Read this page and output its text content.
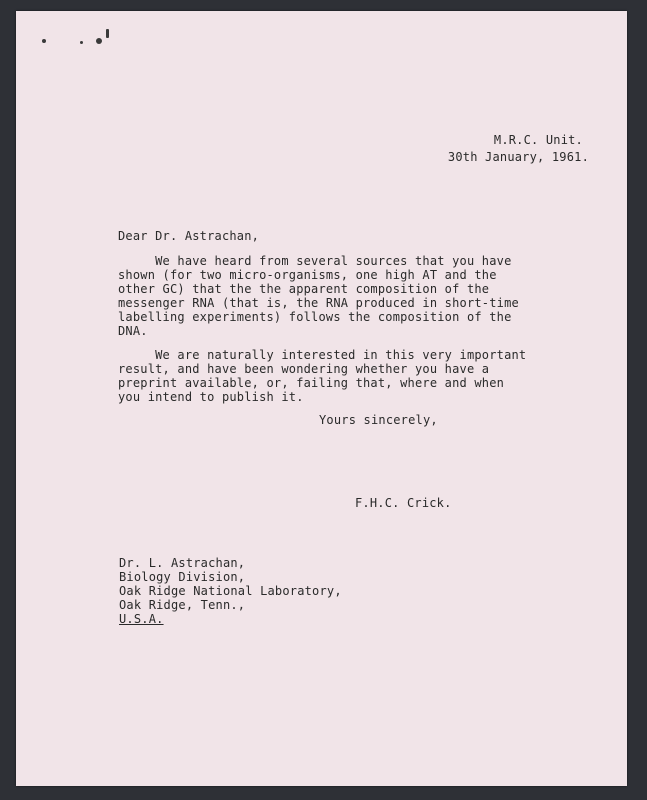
M.R.C. Unit.
30th January, 1961.
Dear Dr. Astrachan,
We have heard from several sources that you have
shown (for two micro-organisms, one high AT and the
other GC) that the the apparent composition of the
messenger RNA (that is, the RNA produced in short-time
labelling experiments) follows the composition of the
DNA.
We are naturally interested in this very important
result, and have been wondering whether you have a
preprint available, or, failing that, where and when
you intend to publish it.
Yours sincerely,
F.H.C. Crick.
Dr. L. Astrachan,
Biology Division,
Oak Ridge National Laboratory,
Oak Ridge, Tenn.,
U.S.A.
